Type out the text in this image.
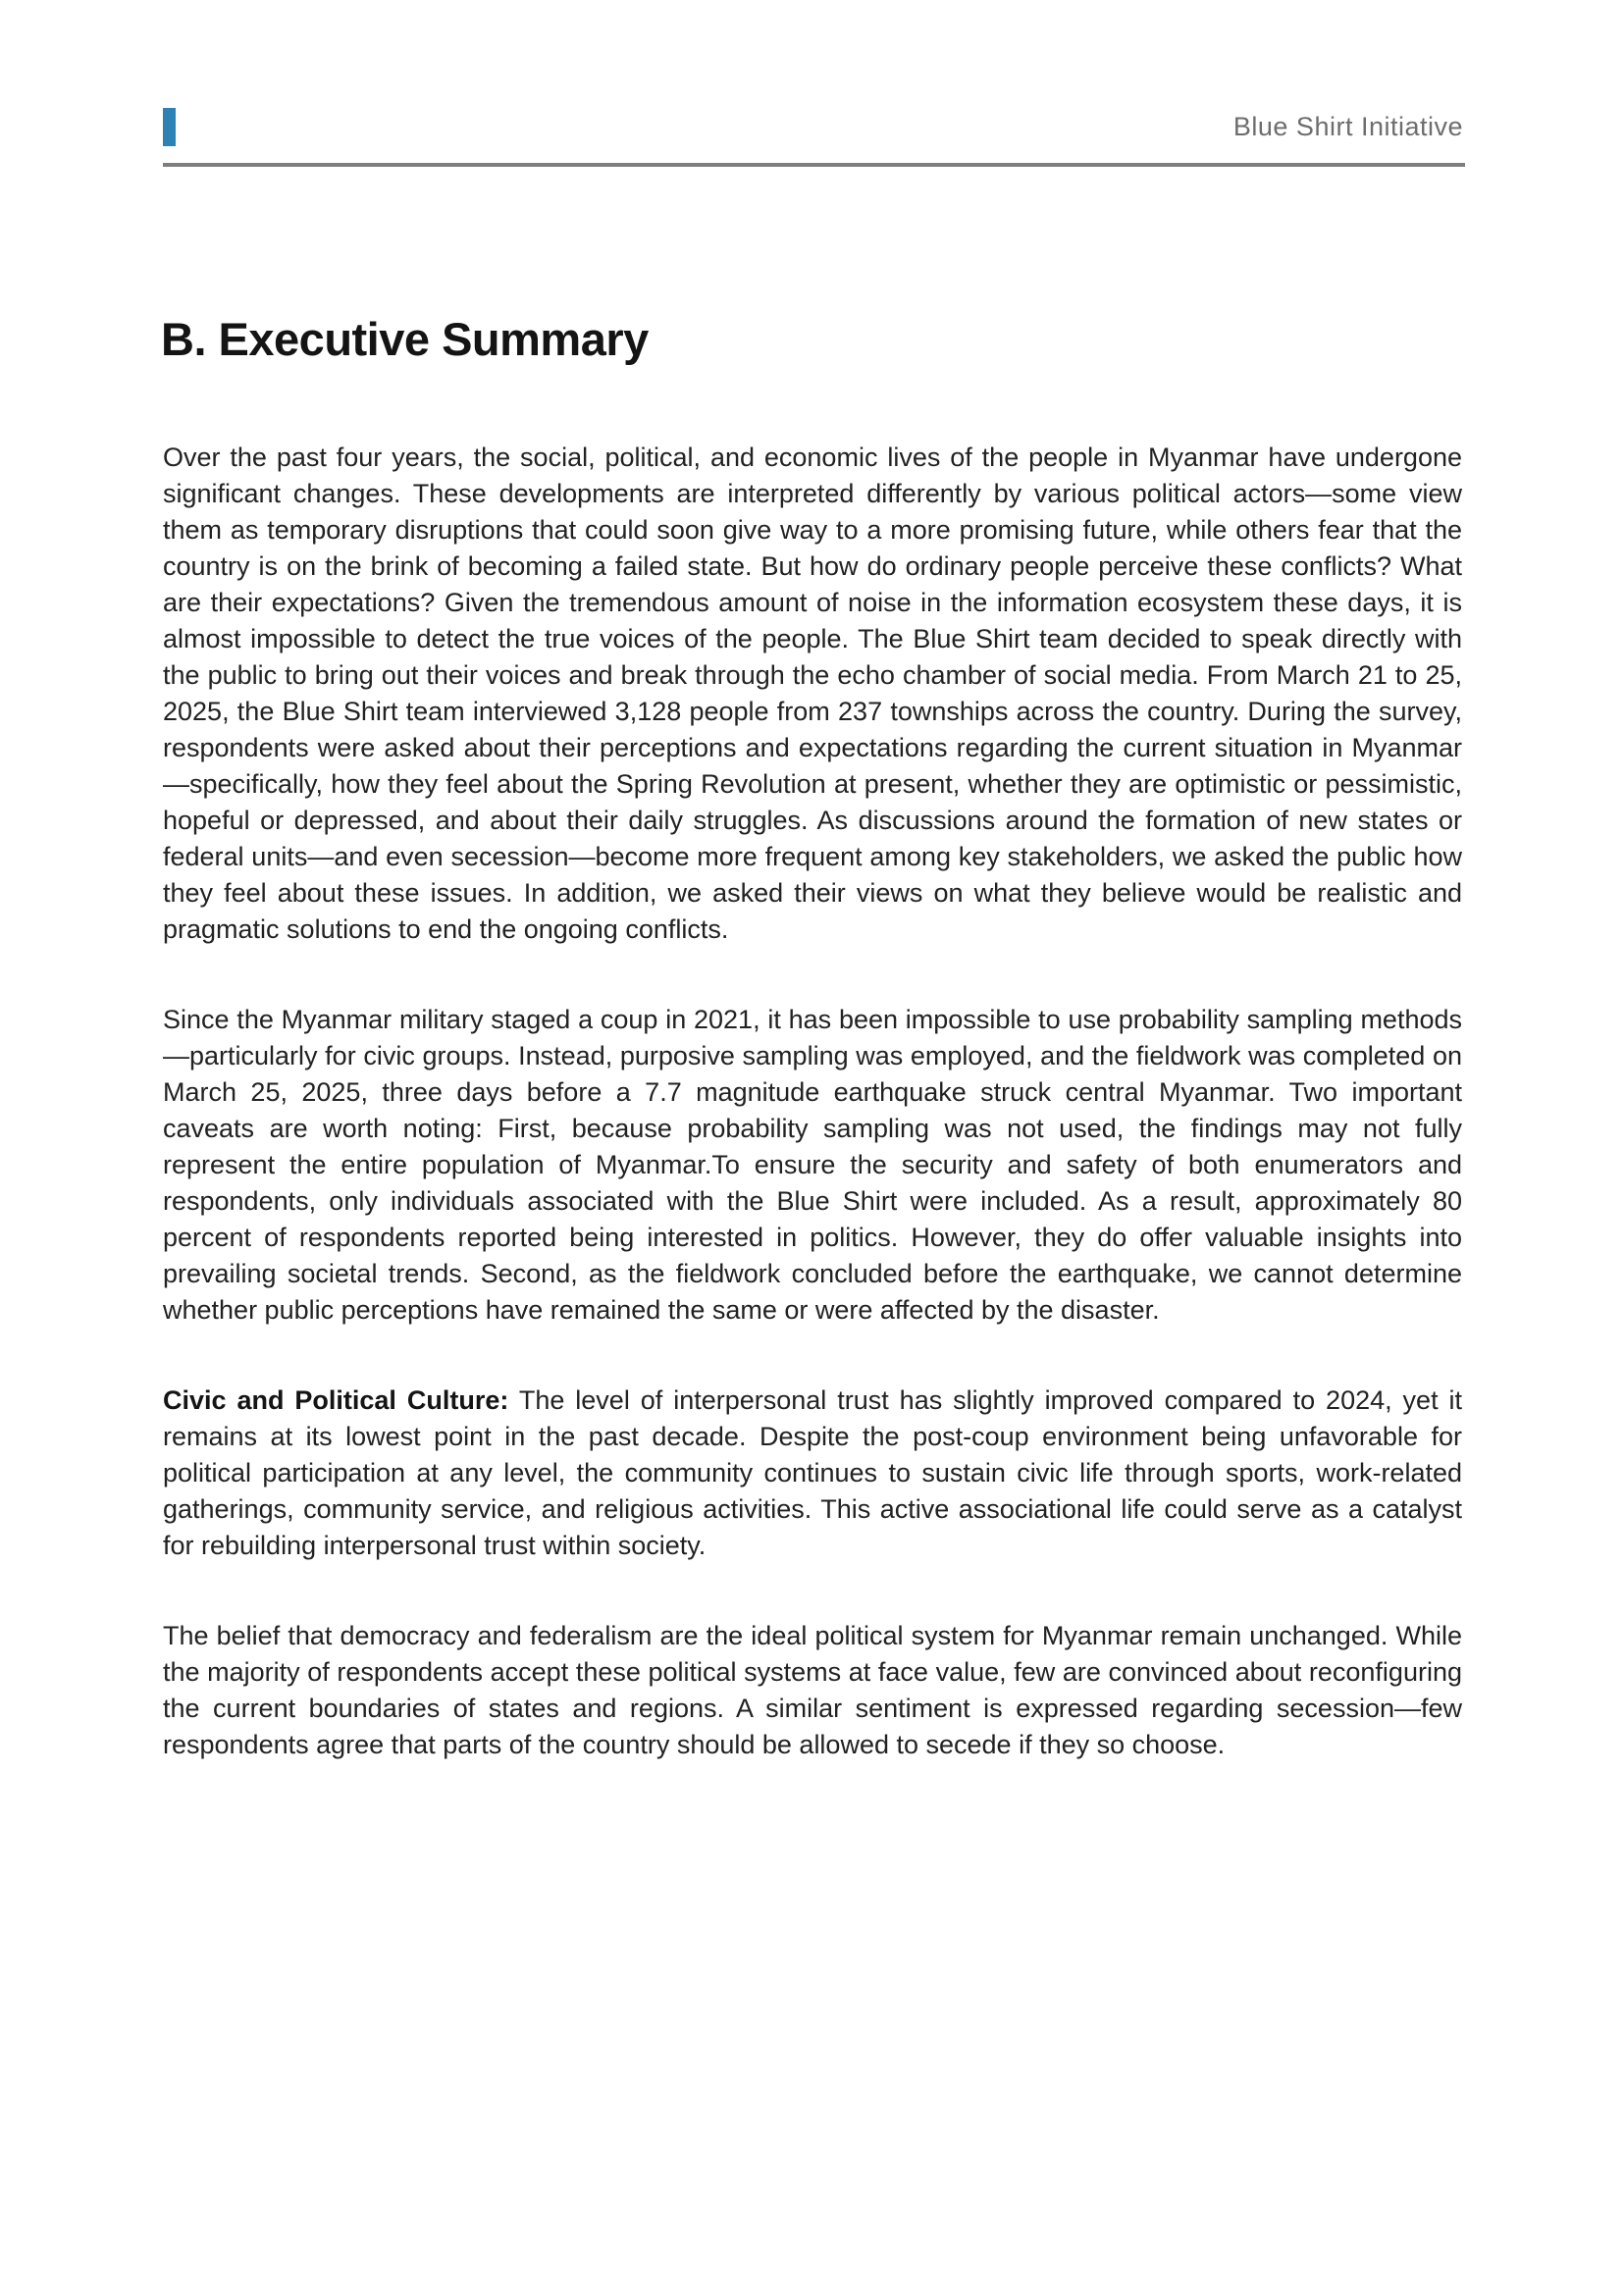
Blue Shirt Initiative
B. Executive Summary

Over the past four years, the social, political, and economic lives of the people in Myanmar have undergone significant changes. These developments are interpreted differently by various political actors—some view them as temporary disruptions that could soon give way to a more promising future, while others fear that the country is on the brink of becoming a failed state. But how do ordinary people perceive these conflicts? What are their expectations? Given the tremendous amount of noise in the information ecosystem these days, it is almost impossible to detect the true voices of the people. The Blue Shirt team decided to speak directly with the public to bring out their voices and break through the echo chamber of social media. From March 21 to 25, 2025, the Blue Shirt team interviewed 3,128 people from 237 townships across the country. During the survey, respondents were asked about their perceptions and expectations regarding the current situation in Myanmar—specifically, how they feel about the Spring Revolution at present, whether they are optimistic or pessimistic, hopeful or depressed, and about their daily struggles. As discussions around the formation of new states or federal units—and even secession—become more frequent among key stakeholders, we asked the public how they feel about these issues. In addition, we asked their views on what they believe would be realistic and pragmatic solutions to end the ongoing conflicts.

Since the Myanmar military staged a coup in 2021, it has been impossible to use probability sampling methods—particularly for civic groups. Instead, purposive sampling was employed, and the fieldwork was completed on March 25, 2025, three days before a 7.7 magnitude earthquake struck central Myanmar. Two important caveats are worth noting: First, because probability sampling was not used, the findings may not fully represent the entire population of Myanmar.To ensure the security and safety of both enumerators and respondents, only individuals associated with the Blue Shirt were included. As a result, approximately 80 percent of respondents reported being interested in politics. However, they do offer valuable insights into prevailing societal trends. Second, as the fieldwork concluded before the earthquake, we cannot determine whether public perceptions have remained the same or were affected by the disaster.

Civic and Political Culture: The level of interpersonal trust has slightly improved compared to 2024, yet it remains at its lowest point in the past decade. Despite the post-coup environment being unfavorable for political participation at any level, the community continues to sustain civic life through sports, work-related gatherings, community service, and religious activities. This active associational life could serve as a catalyst for rebuilding interpersonal trust within society.

The belief that democracy and federalism are the ideal political system for Myanmar remain unchanged. While the majority of respondents accept these political systems at face value, few are convinced about reconfiguring the current boundaries of states and regions. A similar sentiment is expressed regarding secession—few respondents agree that parts of the country should be allowed to secede if they so choose.
